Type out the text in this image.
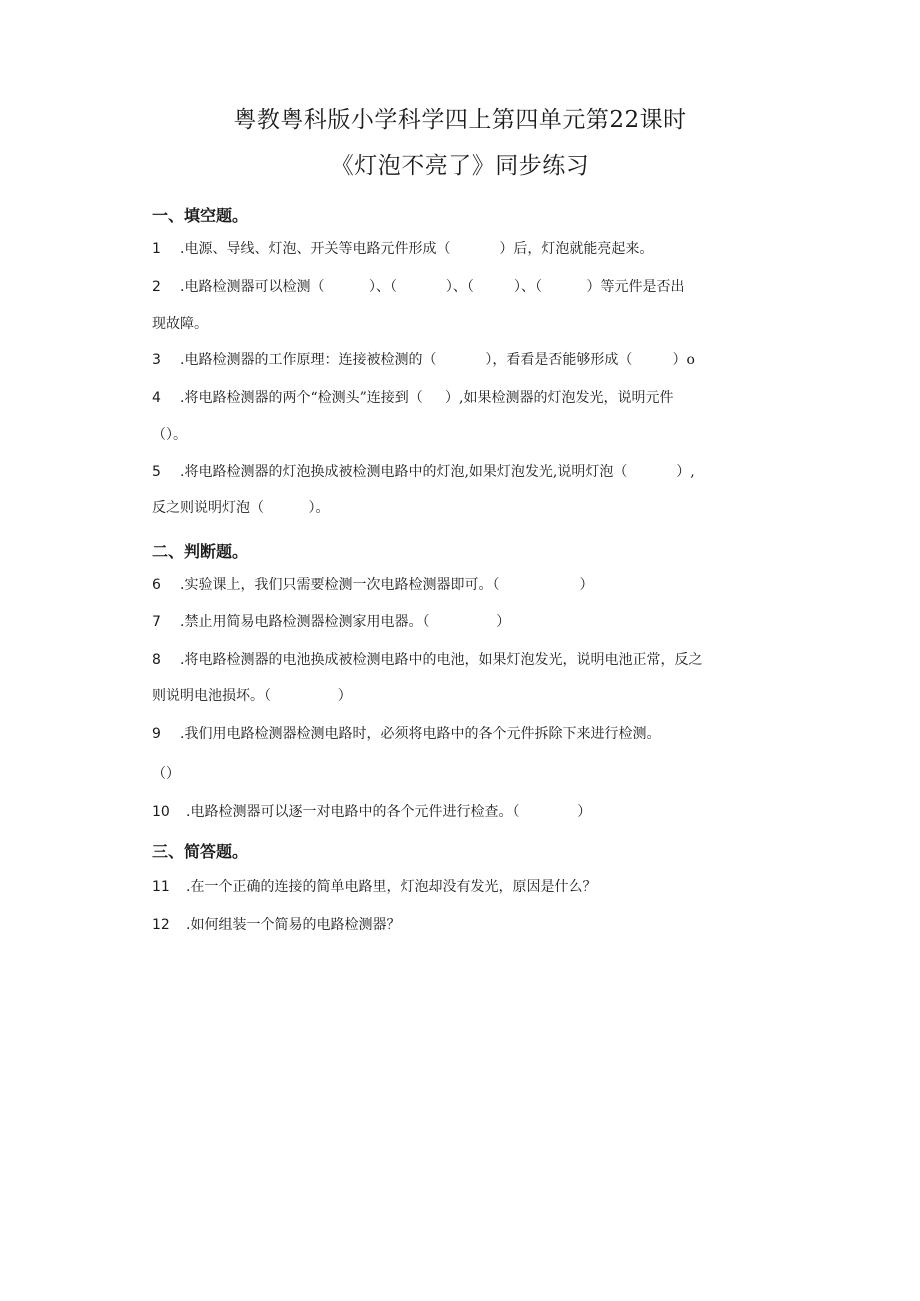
粤教粤科版小学科学四上第四单元第22课时
《灯泡不亮了》同步练习
一、填空题。
1 .电源、导线、灯泡、开关等电路元件形成（           ）后，灯泡就能亮起来。
2 .电路检测器可以检测（          ）、（           ）、（         ）、（          ）等元件是否出
现故障。
3 .电路检测器的工作原理：连接被检测的（           ），看看是否能够形成（         ）o
4 .将电路检测器的两个“检测头”连接到（     ）,如果检测器的灯泡发光，说明元件
（）。
5 .将电路检测器的灯泡换成被检测电路中的灯泡,如果灯泡发光,说明灯泡（           ）,
反之则说明灯泡（          ）。
二、判断题。
6 .实验课上，我们只需要检测一次电路检测器即可。（                  ）
7 .禁止用简易电路检测器检测家用电器。（               ）
8 .将电路检测器的电池换成被检测电路中的电池，如果灯泡发光，说明电池正常，反之
则说明电池损坏。（               ）
9 .我们用电路检测器检测电路时，必须将电路中的各个元件拆除下来进行检测。
（）
10 .电路检测器可以逐一对电路中的各个元件进行检查。（             ）
三、简答题。
11 .在一个正确的连接的简单电路里，灯泡却没有发光，原因是什么？
12 .如何组装一个简易的电路检测器？
